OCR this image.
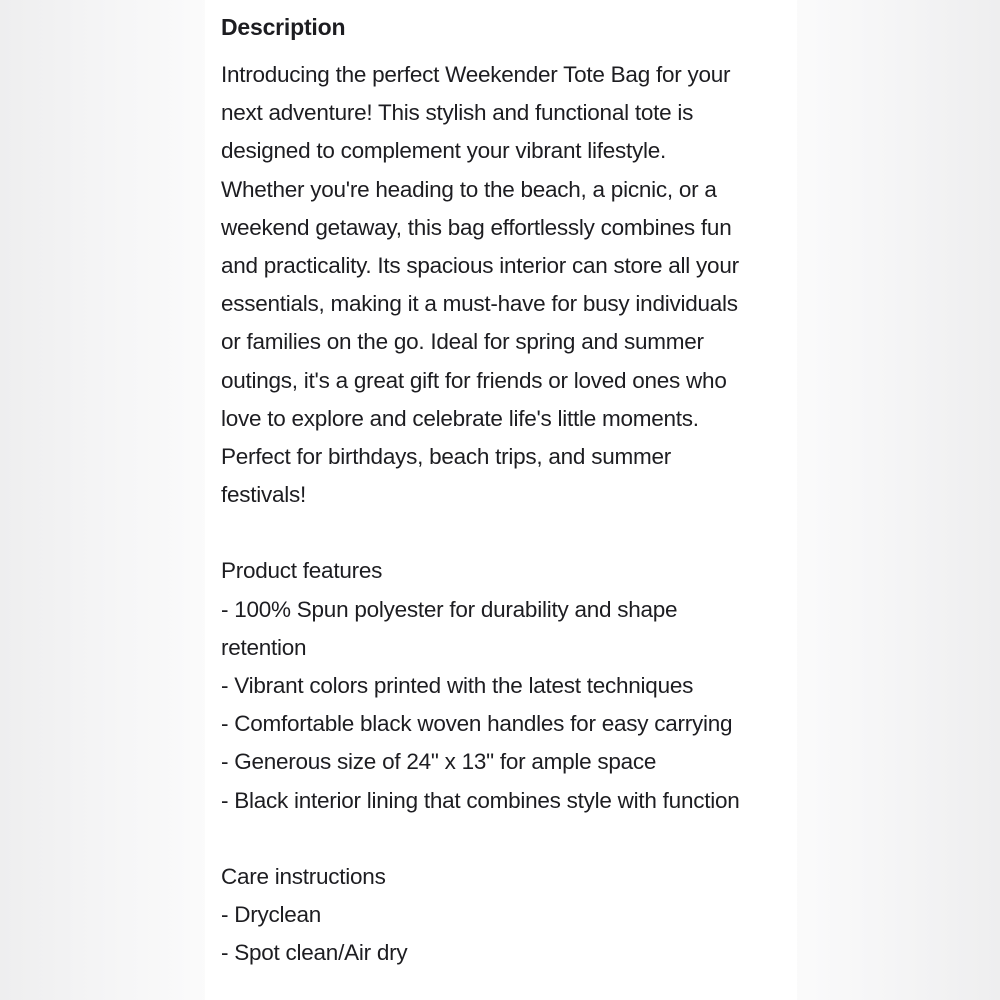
Description
Introducing the perfect Weekender Tote Bag for your
next adventure! This stylish and functional tote is
designed to complement your vibrant lifestyle.
Whether you're heading to the beach, a picnic, or a
weekend getaway, this bag effortlessly combines fun
and practicality. Its spacious interior can store all your
essentials, making it a must-have for busy individuals
or families on the go. Ideal for spring and summer
outings, it's a great gift for friends or loved ones who
love to explore and celebrate life's little moments.
Perfect for birthdays, beach trips, and summer
festivals!
Product features
- 100% Spun polyester for durability and shape
retention
- Vibrant colors printed with the latest techniques
- Comfortable black woven handles for easy carrying
- Generous size of 24" x 13" for ample space
- Black interior lining that combines style with function
Care instructions
- Dryclean
- Spot clean/Air dry
